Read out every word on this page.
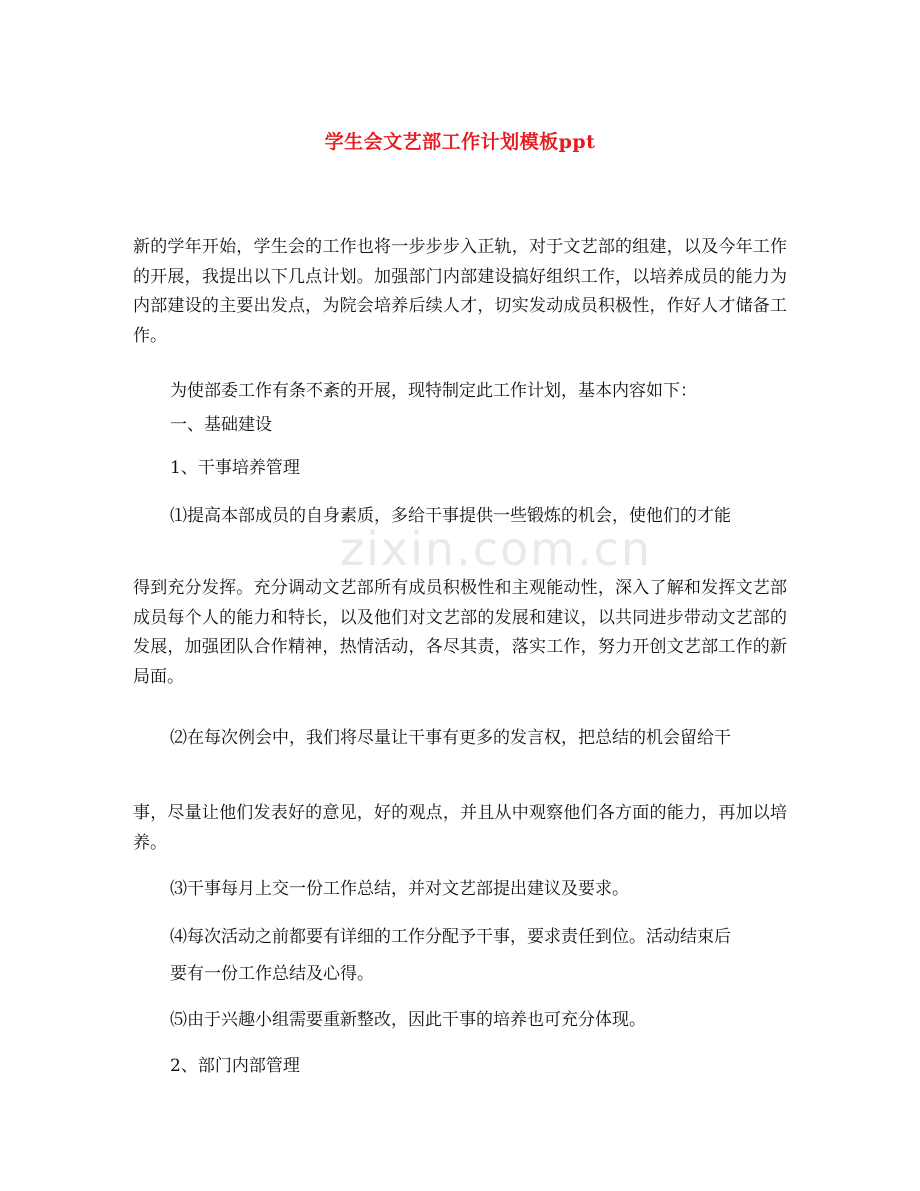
学生会文艺部工作计划模板ppt
zixin.com.cn
新的学年开始，学生会的工作也将一步步步入正轨，对于文艺部的组建，以及今年工作的开展，我提出以下几点计划。加强部门内部建设搞好组织工作，以培养成员的能力为内部建设的主要出发点，为院会培养后续人才，切实发动成员积极性，作好人才储备工作。
为使部委工作有条不紊的开展，现特制定此工作计划，基本内容如下：
一、基础建设
1、干事培养管理
⑴提高本部成员的自身素质，多给干事提供一些锻炼的机会，使他们的才能
得到充分发挥。充分调动文艺部所有成员积极性和主观能动性，深入了解和发挥文艺部成员每个人的能力和特长，以及他们对文艺部的发展和建议，以共同进步带动文艺部的发展，加强团队合作精神，热情活动，各尽其责，落实工作，努力开创文艺部工作的新局面。
⑵在每次例会中，我们将尽量让干事有更多的发言权，把总结的机会留给干
事，尽量让他们发表好的意见，好的观点，并且从中观察他们各方面的能力，再加以培养。
⑶干事每月上交一份工作总结，并对文艺部提出建议及要求。
⑷每次活动之前都要有详细的工作分配予干事，要求责任到位。活动结束后
要有一份工作总结及心得。
⑸由于兴趣小组需要重新整改，因此干事的培养也可充分体现。
2、部门内部管理
